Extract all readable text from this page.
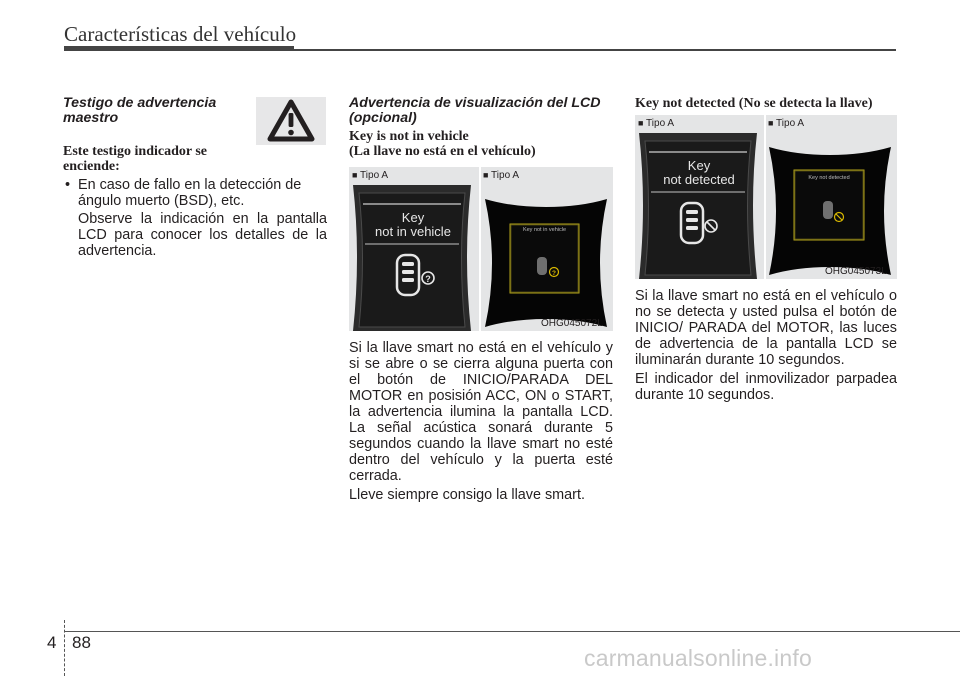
Características del vehículo
Testigo de advertencia
maestro
Este testigo indicador se
enciende:
• En caso de fallo en la detección de
ángulo muerto (BSD), etc.
Observe la indicación en la pantalla LCD para conocer los detalles de la advertencia.
Advertencia de visualización del LCD
(opcional)
Key is not in vehicle
(La llave no está en el vehículo)
■ Tipo A	■ Tipo A
?
?
Key
not in vehicle	Key not in vehicle
OHG045072L
Si la llave smart no está en el vehículo y si se abre o se cierra alguna puerta con el botón de INICIO/PARADA DEL MOTOR en posisión ACC, ON o START, la advertencia ilumina la pantalla LCD. La señal acústica sonará durante 5 segundos cuando la llave smart no esté dentro del vehículo y la puerta esté cerrada.
Lleve siempre consigo la llave smart.
Key not detected (No se detecta la llave)
■ Tipo A	■ Tipo A
Key
not detected	Key not detected
OHG045073L
Si la llave smart no está en el vehículo o no se detecta y usted pulsa el botón de INICIO/ PARADA del MOTOR, las luces de advertencia de la pantalla LCD se iluminarán durante 10 segundos.
El indicador del inmovilizador parpadea durante 10 segundos.
4 88
carmanualsonline.info
